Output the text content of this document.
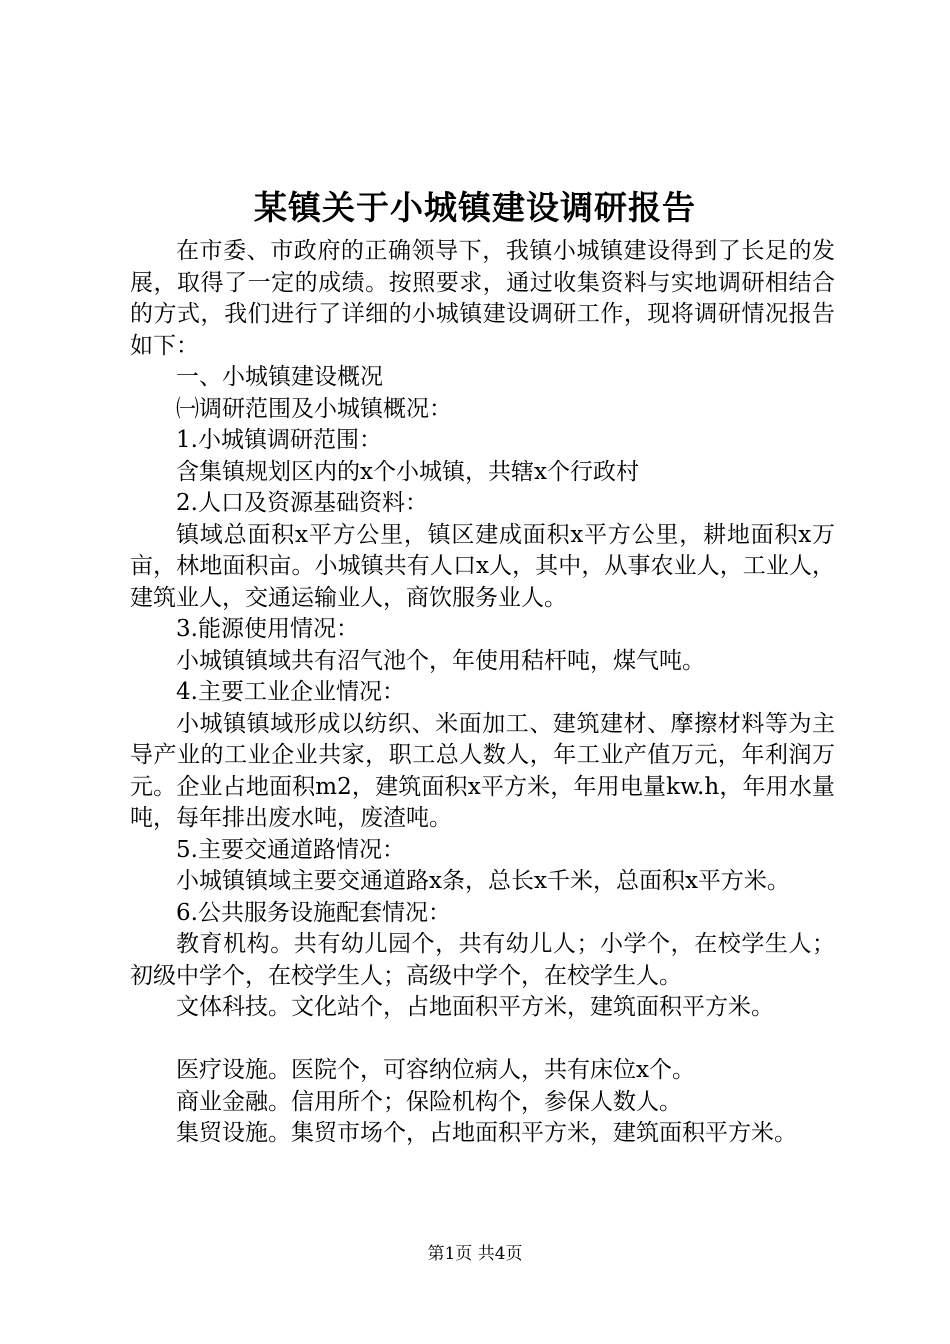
某镇关于小城镇建设调研报告

在市委、市政府的正确领导下，我镇小城镇建设得到了长足的发展，取得了一定的成绩。按照要求，通过收集资料与实地调研相结合的方式，我们进行了详细的小城镇建设调研工作，现将调研情况报告如下：

一、小城镇建设概况

㈠调研范围及小城镇概况：

1.小城镇调研范围：

含集镇规划区内的x个小城镇，共辖x个行政村

2.人口及资源基础资料：

镇域总面积x平方公里，镇区建成面积x平方公里，耕地面积x万亩，林地面积亩。小城镇共有人口x人，其中，从事农业人，工业人，建筑业人，交通运输业人，商饮服务业人。

3.能源使用情况：

小城镇镇域共有沼气池个，年使用秸杆吨，煤气吨。

4.主要工业企业情况：

小城镇镇域形成以纺织、米面加工、建筑建材、摩擦材料等为主导产业的工业企业共家，职工总人数人，年工业产值万元，年利润万元。企业占地面积m2，建筑面积x平方米，年用电量kw.h，年用水量吨，每年排出废水吨，废渣吨。

5.主要交通道路情况：

小城镇镇域主要交通道路x条，总长x千米，总面积x平方米。

6.公共服务设施配套情况：

教育机构。共有幼儿园个，共有幼儿人；小学个，在校学生人；初级中学个，在校学生人；高级中学个，在校学生人。

文体科技。文化站个，占地面积平方米，建筑面积平方米。

医疗设施。医院个，可容纳位病人，共有床位x个。

商业金融。信用所个；保险机构个，参保人数人。

集贸设施。集贸市场个，占地面积平方米，建筑面积平方米。

第1页 共4页
